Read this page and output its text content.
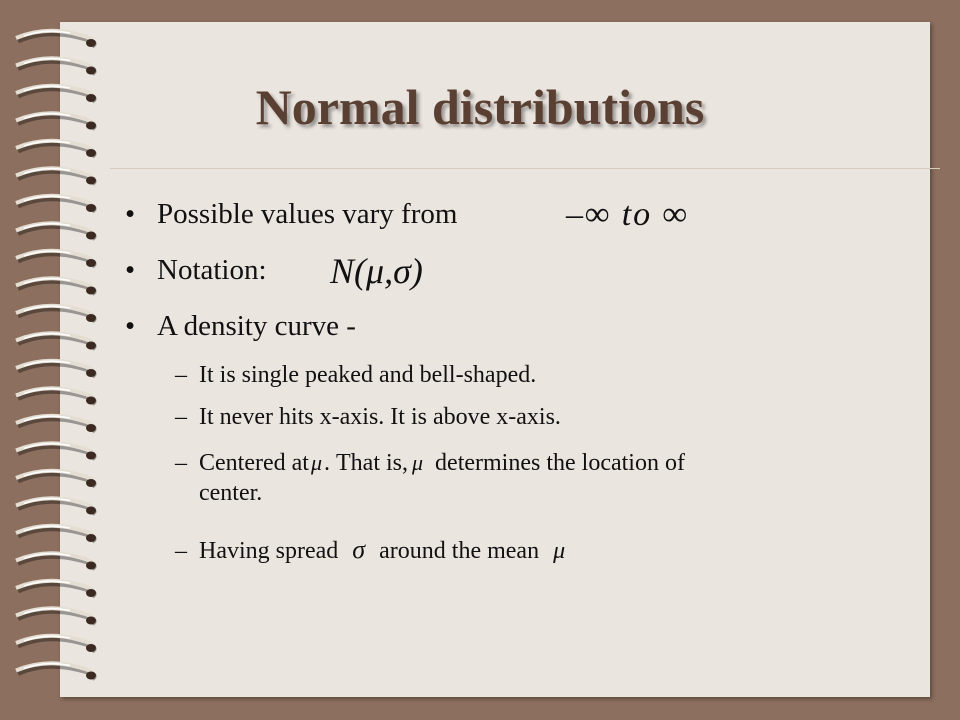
Normal distributions
• Possible values vary from	–∞ to ∞
• Notation: N(μ,σ)
• A density curve -
– It is single peaked and bell-shaped.
– It never hits x-axis. It is above x-axis.
– Centered atμ. That is, μ determines the location of
center.
– Having spread σ around the mean μ
